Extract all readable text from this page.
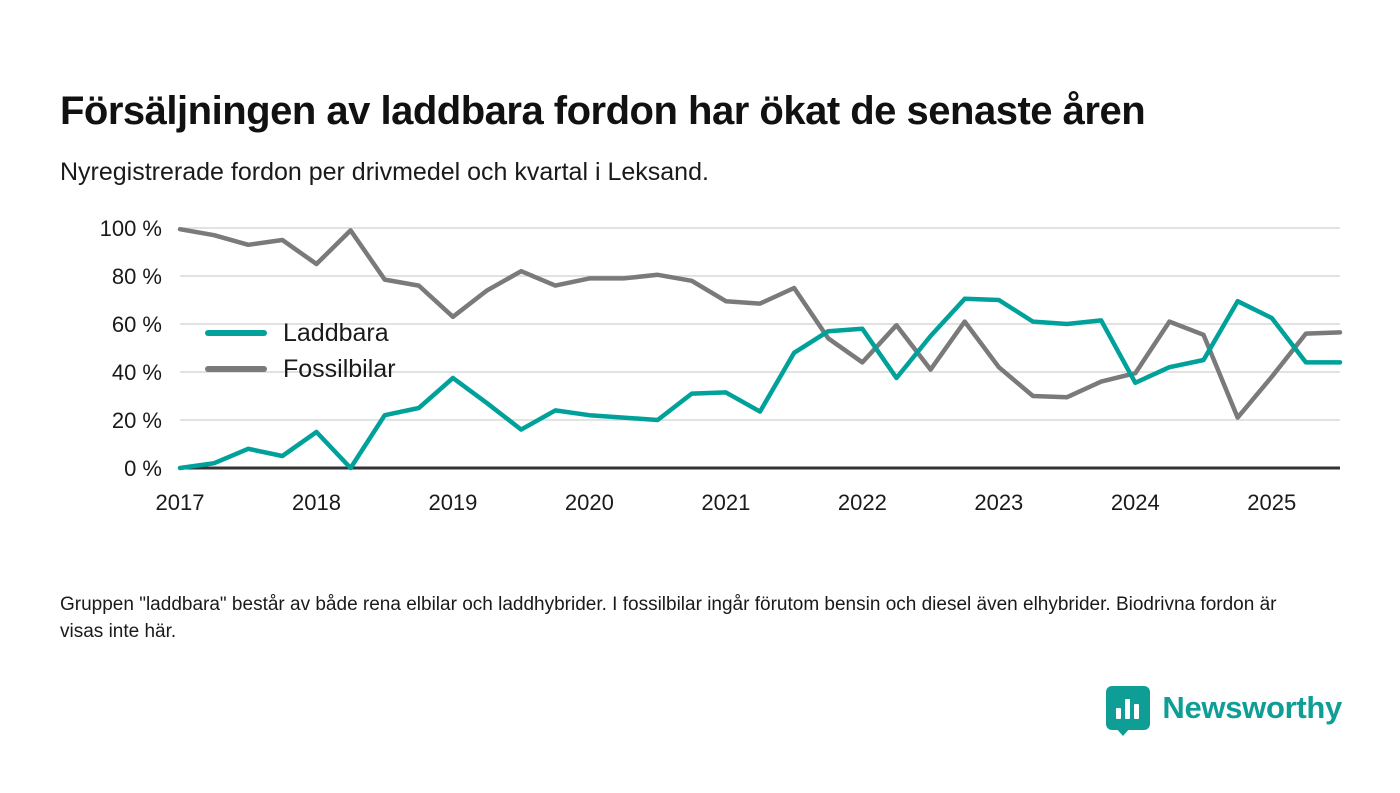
Försäljningen av laddbara fordon har ökat de senaste åren
Nyregistrerade fordon per drivmedel och kvartal i Leksand.
0 %
20 %
40 %
60 %
80 %
100 %
2017	2018	2019	2020	2021	2022	2023	2024	2025
Laddbara
Fossilbilar
Gruppen "laddbara" består av både rena elbilar och laddhybrider. I fossilbilar ingår förutom bensin och diesel även elhybrider. Biodrivna fordon är visas inte här.
Newsworthy
